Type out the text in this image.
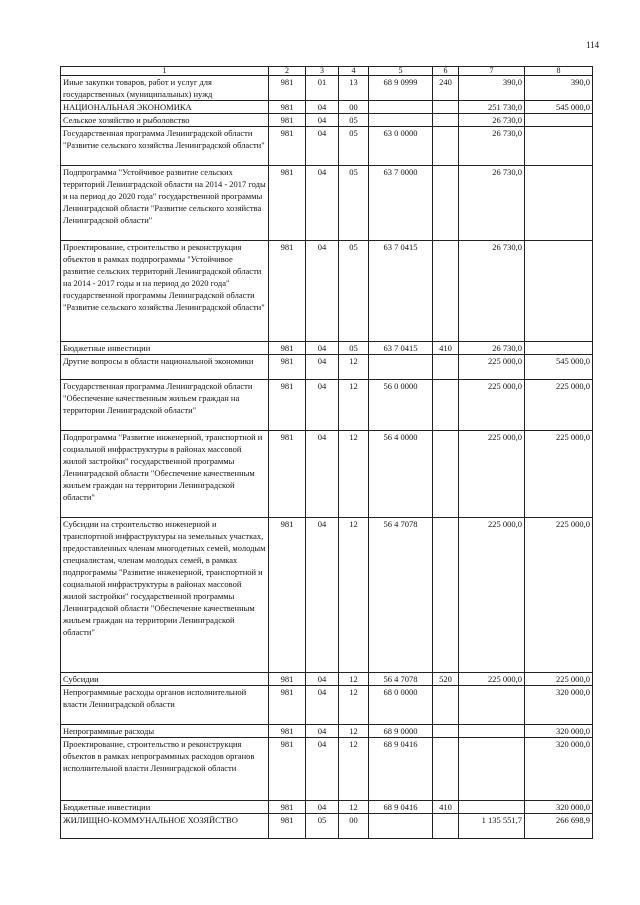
114
1	2	3	4	5	6	7	8
Иные закупки товаров, работ и услуг для государственных (муниципальных) нужд	981	01	13	68 9 0999	240	390,0	390,0
НАЦИОНАЛЬНАЯ ЭКОНОМИКА	981	04	00			251 730,0	545 000,0
Сельское хозяйство и рыболовство	981	04	05			26 730,0	
Государственная программа Ленинградской области "Развитие сельского хозяйства Ленинградской области"	981	04	05	63 0 0000		26 730,0	
Подпрограмма "Устойчивое развитие сельских территорий Ленинградской области на 2014 - 2017 годы и на период до 2020 года" государственной программы Ленинградской области "Развитие сельского хозяйства Ленинградской области"	981	04	05	63 7 0000		26 730,0	
Проектирование, строительство и реконструкция объектов в рамках подпрограммы "Устойчивое развитие сельских территорий Ленинградской области на 2014 - 2017 годы и на период до 2020 года" государственной программы Ленинградской области "Развитие сельского хозяйства Ленинградской области"	981	04	05	63 7 0415		26 730,0	
Бюджетные инвестиции	981	04	05	63 7 0415	410	26 730,0	
Другие вопросы в области национальной экономики	981	04	12			225 000,0	545 000,0
Государственная программа Ленинградской области "Обеспечение качественным жильем граждан на территории Ленинградской области"	981	04	12	56 0 0000		225 000,0	225 000,0
Подпрограмма "Развитие инженерной, транспортной и социальной инфраструктуры в районах массовой жилой застройки" государственной программы Ленинградской области "Обеспечение качественным жильем граждан на территории Ленинградской области"	981	04	12	56 4 0000		225 000,0	225 000,0
Субсидии на строительство инженерной и транспортной инфраструктуры на земельных участках, предоставленных членам многодетных семей, молодым специалистам, членам молодых семей, в рамках подпрограммы "Развитие инженерной, транспортной и социальной инфраструктуры в районах массовой жилой застройки" государственной программы Ленинградской области "Обеспечение качественным жильем граждан на территории Ленинградской области"	981	04	12	56 4 7078		225 000,0	225 000,0
Субсидии	981	04	12	56 4 7078	520	225 000,0	225 000,0
Непрограммные расходы органов исполнительной власти Ленинградской области	981	04	12	68 0 0000			320 000,0
Непрограммные расходы	981	04	12	68 9 0000			320 000,0
Проектирование, строительство и реконструкция объектов в рамках непрограммных расходов органов исполнительной власти Ленинградской области	981	04	12	68 9 0416			320 000,0
Бюджетные инвестиции	981	04	12	68 9 0416	410		320 000,0
ЖИЛИЩНО-КОММУНАЛЬНОЕ ХОЗЯЙСТВО	981	05	00			1 135 551,7	266 698,9
